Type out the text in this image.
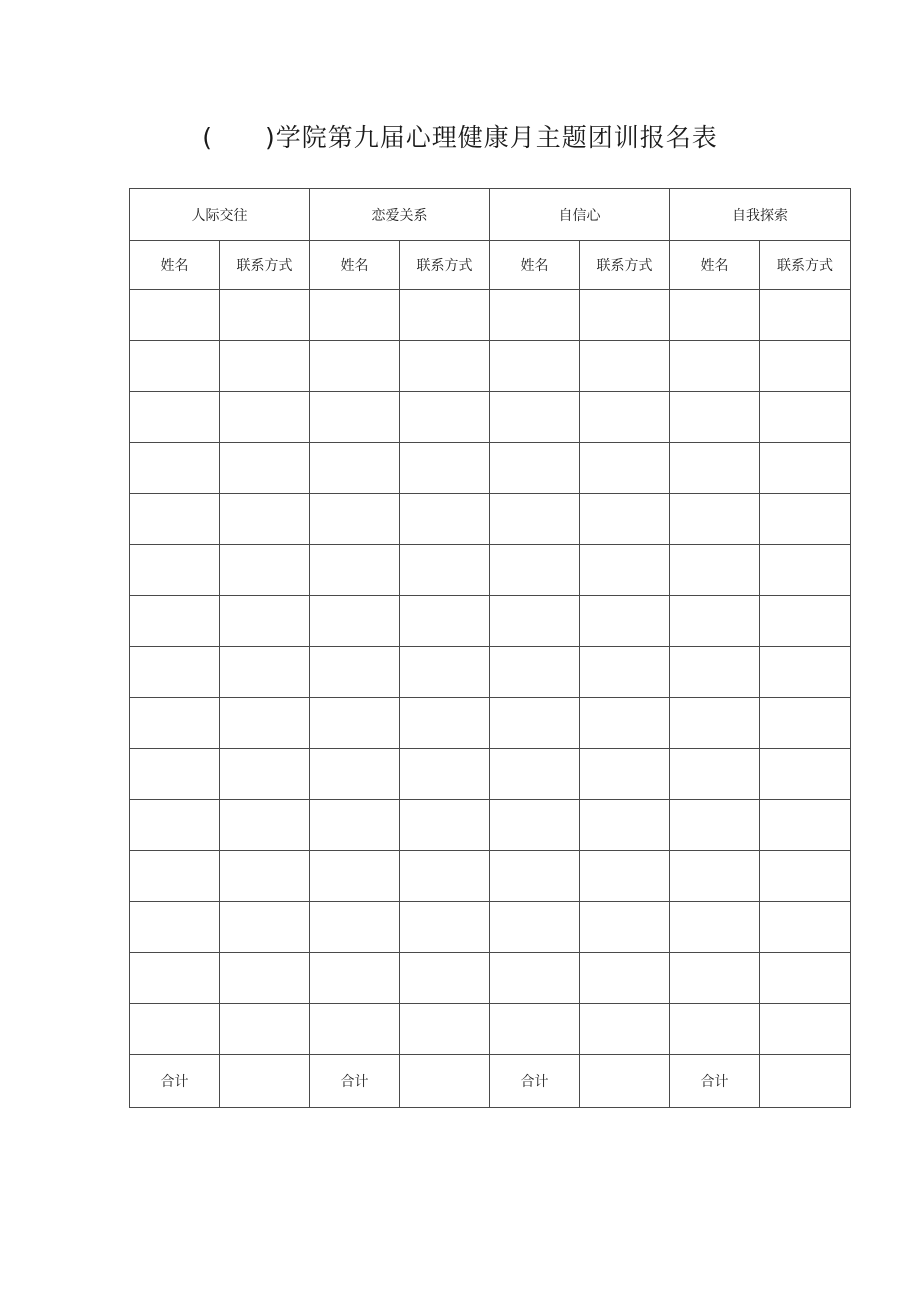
( )学院第九届心理健康月主题团训报名表
人际交往		恋爱关系		自信心		自我探索	
姓名	联系方式	姓名	联系方式	姓名	联系方式	姓名	联系方式

合计		合计		合计		合计	
